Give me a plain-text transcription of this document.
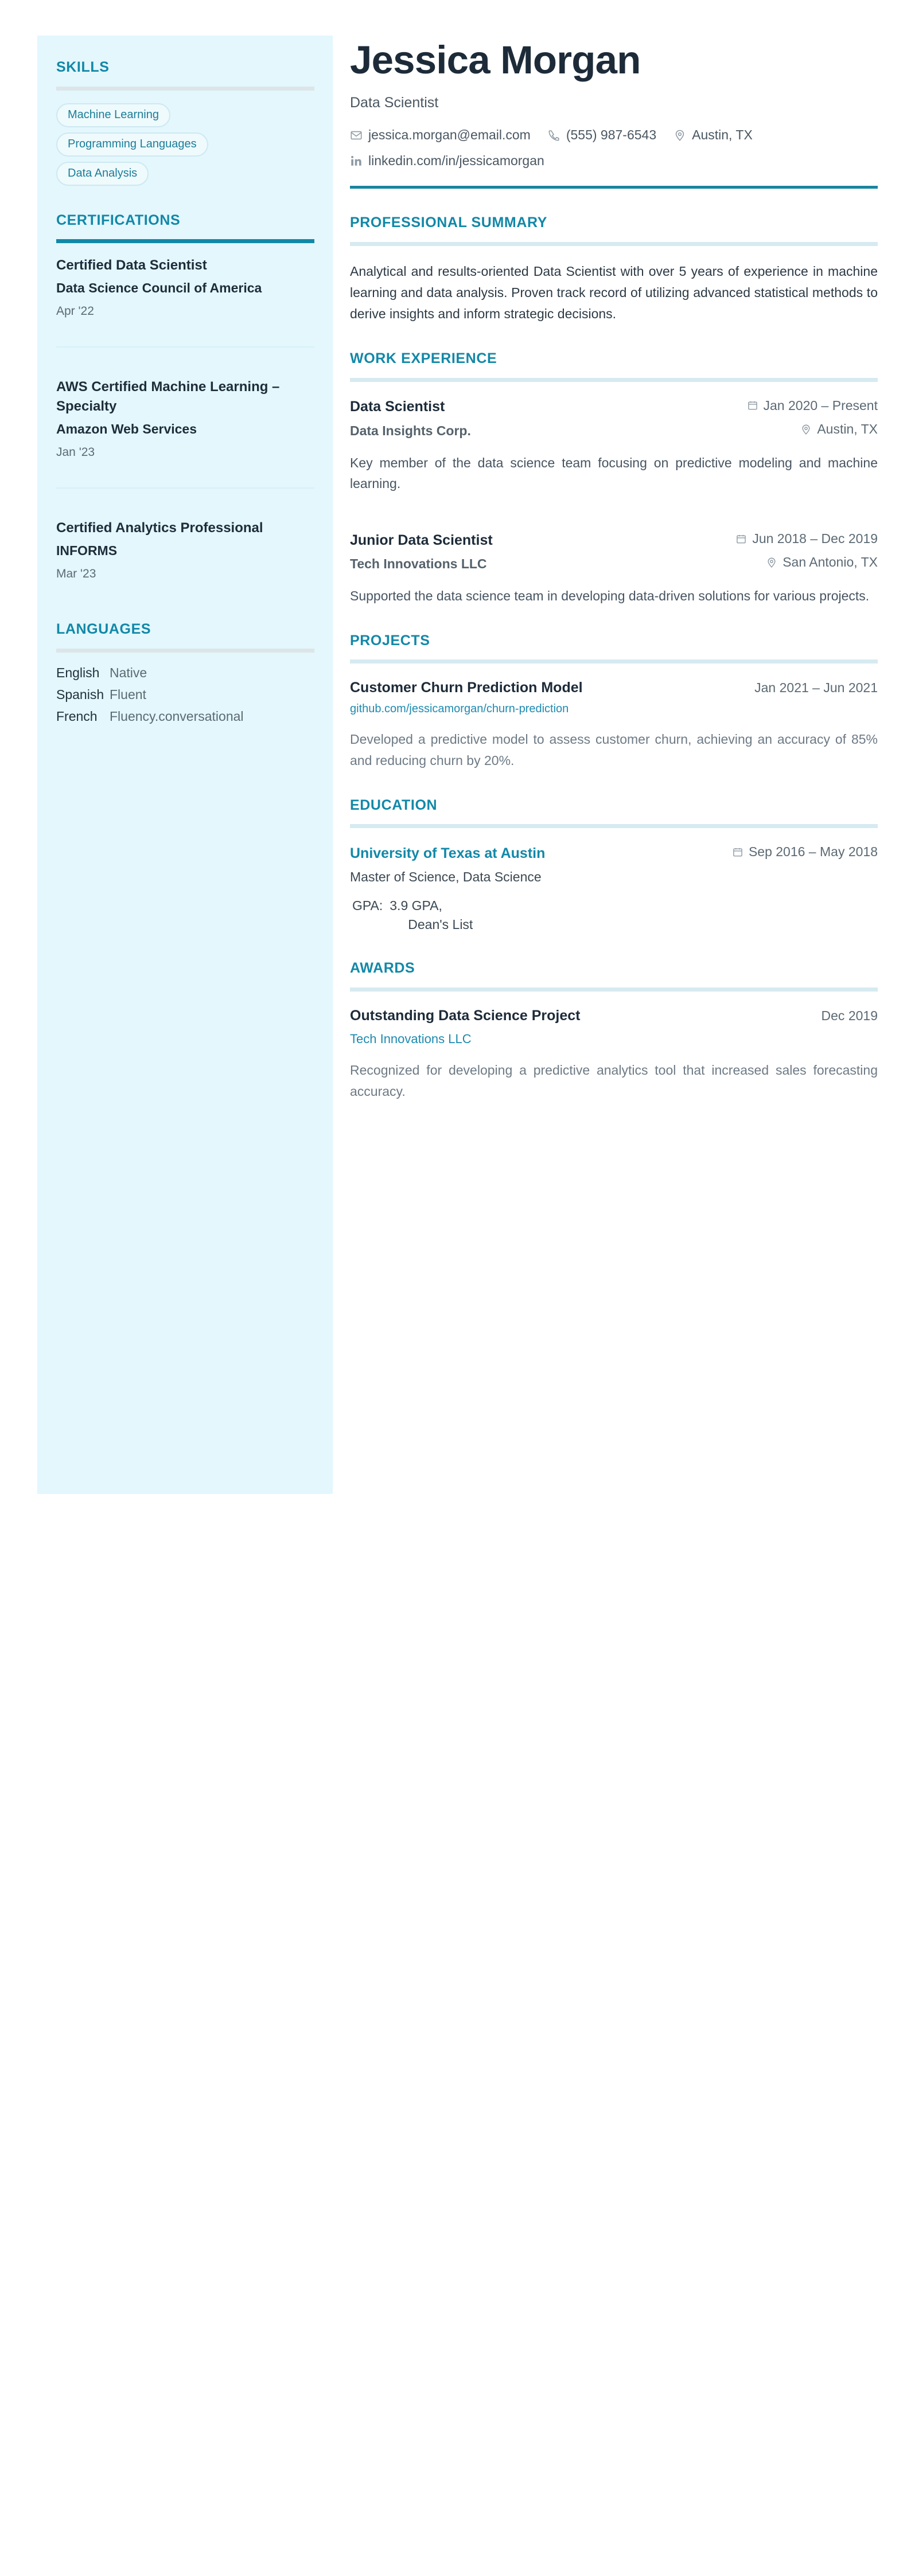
SKILLS
Machine Learning
Programming Languages
Data Analysis
CERTIFICATIONS
Certified Data Scientist
Data Science Council of America
Apr '22
AWS Certified Machine Learning – Specialty
Amazon Web Services
Jan '23
Certified Analytics Professional
INFORMS
Mar '23
LANGUAGES
English Native
Spanish Fluent
French Fluency.conversational
Jessica Morgan
Data Scientist
jessica.morgan@email.com	(555) 987-6543	Austin, TX
linkedin.com/in/jessicamorgan
PROFESSIONAL SUMMARY

Analytical and results-oriented Data Scientist with over 5 years of experience in machine learning and data analysis. Proven track record of utilizing advanced statistical methods to derive insights and inform strategic decisions.

WORK EXPERIENCE
Data Scientist	Jan 2020 – Present
Data Insights Corp.	Austin, TX
Key member of the data science team focusing on predictive modeling and machine learning.
Junior Data Scientist	Jun 2018 – Dec 2019
Tech Innovations LLC	San Antonio, TX
Supported the data science team in developing data-driven solutions for various projects.
PROJECTS
Customer Churn Prediction Model	Jan 2021 – Jun 2021
github.com/jessicamorgan/churn-prediction
Developed a predictive model to assess customer churn, achieving an accuracy of 85% and reducing churn by 20%.
EDUCATION
University of Texas at Austin
Master of Science, Data Science
Sep 2016 – May 2018
GPA: 3.9 GPA,
Dean's List
AWARDS
Outstanding Data Science Project	Dec 2019
Tech Innovations LLC
Recognized for developing a predictive analytics tool that increased sales forecasting accuracy.
